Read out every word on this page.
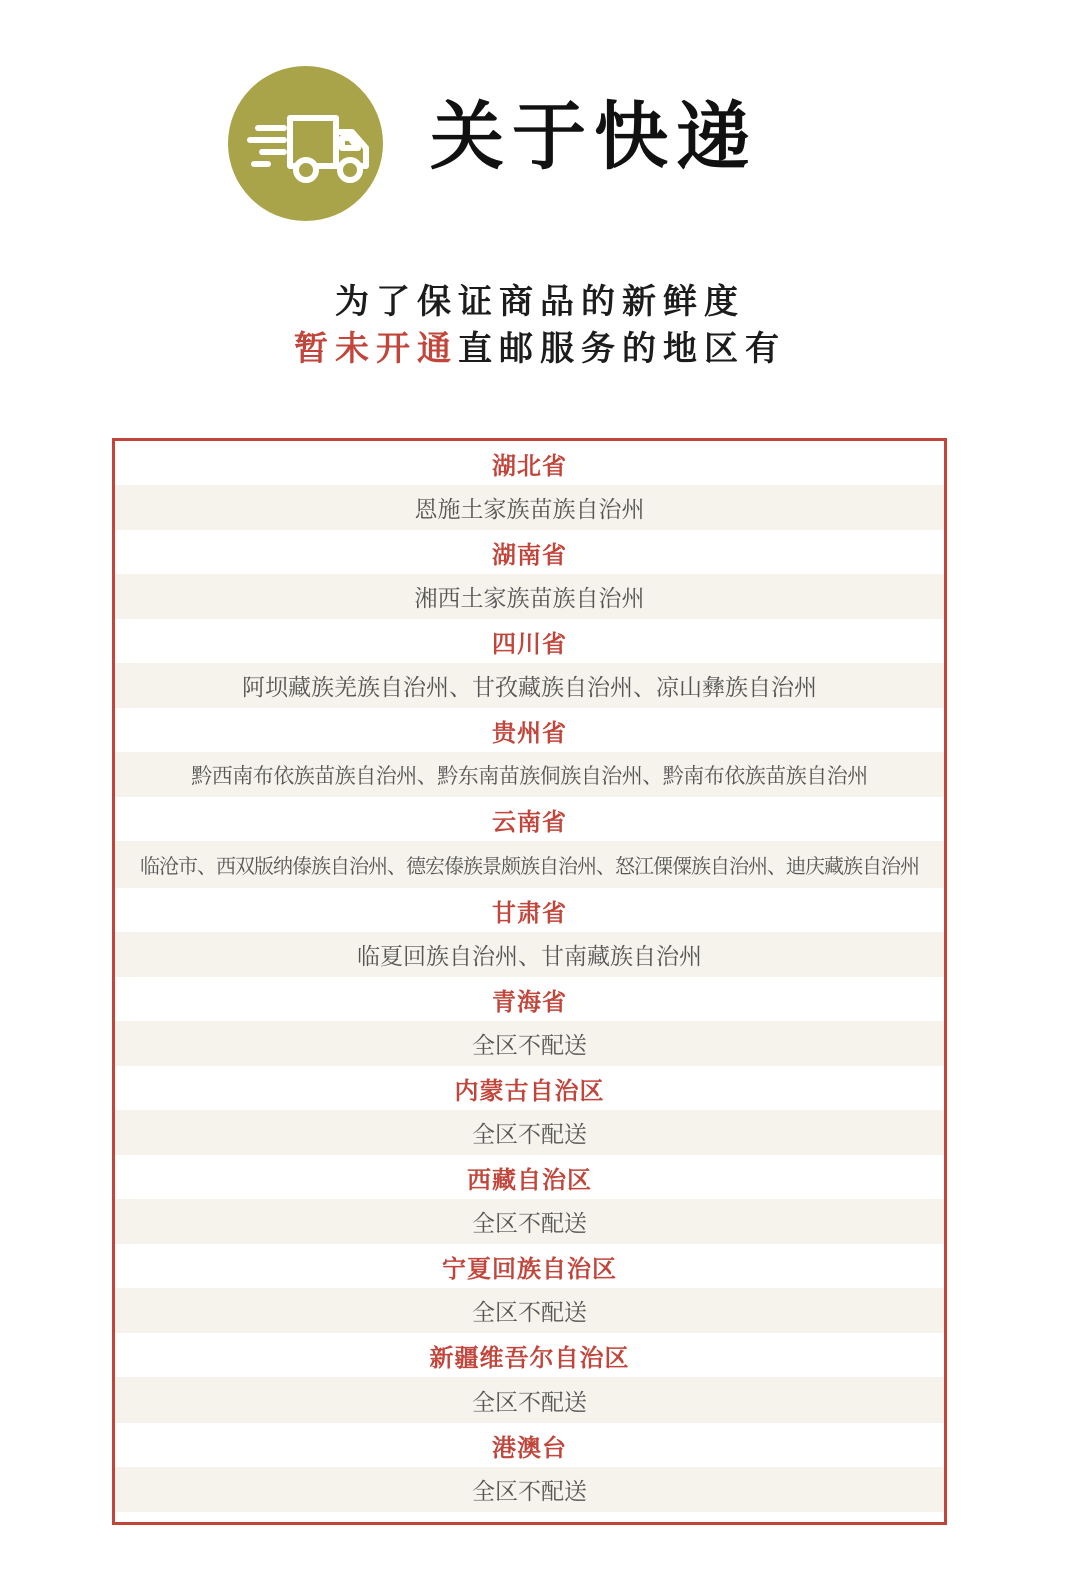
关于快递
为了保证商品的新鲜度
暂未开通直邮服务的地区有
湖北省
恩施土家族苗族自治州
湖南省
湘西土家族苗族自治州
四川省
阿坝藏族羌族自治州、甘孜藏族自治州、凉山彝族自治州
贵州省
黔西南布依族苗族自治州、黔东南苗族侗族自治州、黔南布依族苗族自治州
云南省
临沧市、西双版纳傣族自治州、德宏傣族景颇族自治州、怒江傈僳族自治州、迪庆藏族自治州
甘肃省
临夏回族自治州、甘南藏族自治州
青海省
全区不配送
内蒙古自治区
全区不配送
西藏自治区
全区不配送
宁夏回族自治区
全区不配送
新疆维吾尔自治区
全区不配送
港澳台
全区不配送
